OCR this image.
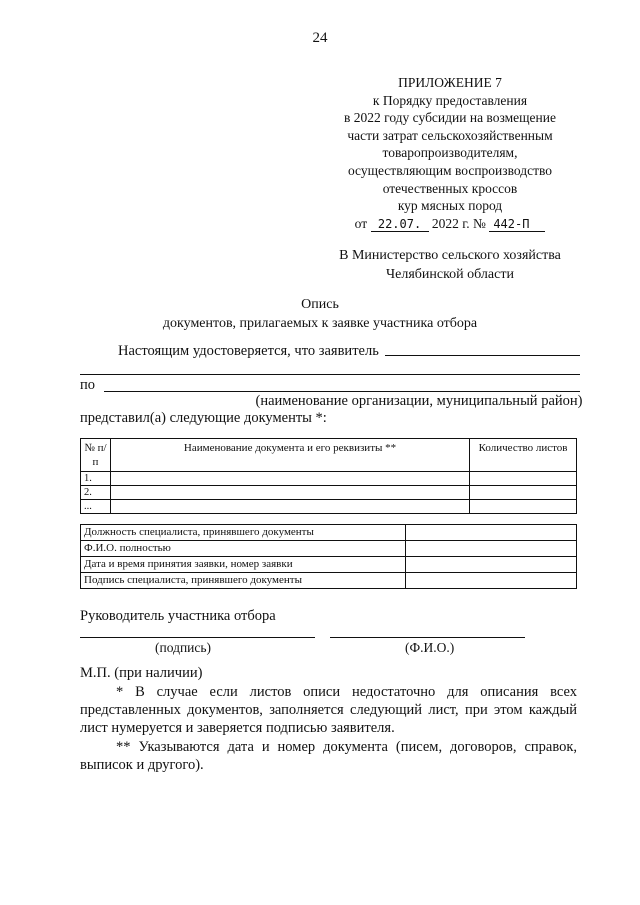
24
ПРИЛОЖЕНИЕ 7
к Порядку предоставления
в 2022 году субсидии на возмещение
части затрат сельскохозяйственным
товаропроизводителям,
осуществляющим воспроизводство
отечественных кроссов
кур мясных пород
от 22.07. 2022 г. № 442-П
В Министерство сельского хозяйства
Челябинской области
Опись
документов, прилагаемых к заявке участника отбора
Настоящим удостоверяется, что заявитель
по
(наименование организации, муниципальный район)
представил(а) следующие документы *:
№ п/п	Наименование документа и его реквизиты **	Количество листов
1.		
2.		
...		
Должность специалиста, принявшего документы	
Ф.И.О. полностью	
Дата и время принятия заявки, номер заявки	
Подпись специалиста, принявшего документы	
Руководитель участника отбора
(подпись)	(Ф.И.О.)
М.П. (при наличии)
* В случае если листов описи недостаточно для описания всех представленных документов, заполняется следующий лист, при этом каждый лист нумеруется и заверяется подписью заявителя.
** Указываются дата и номер документа (писем, договоров, справок, выписок и другого).
